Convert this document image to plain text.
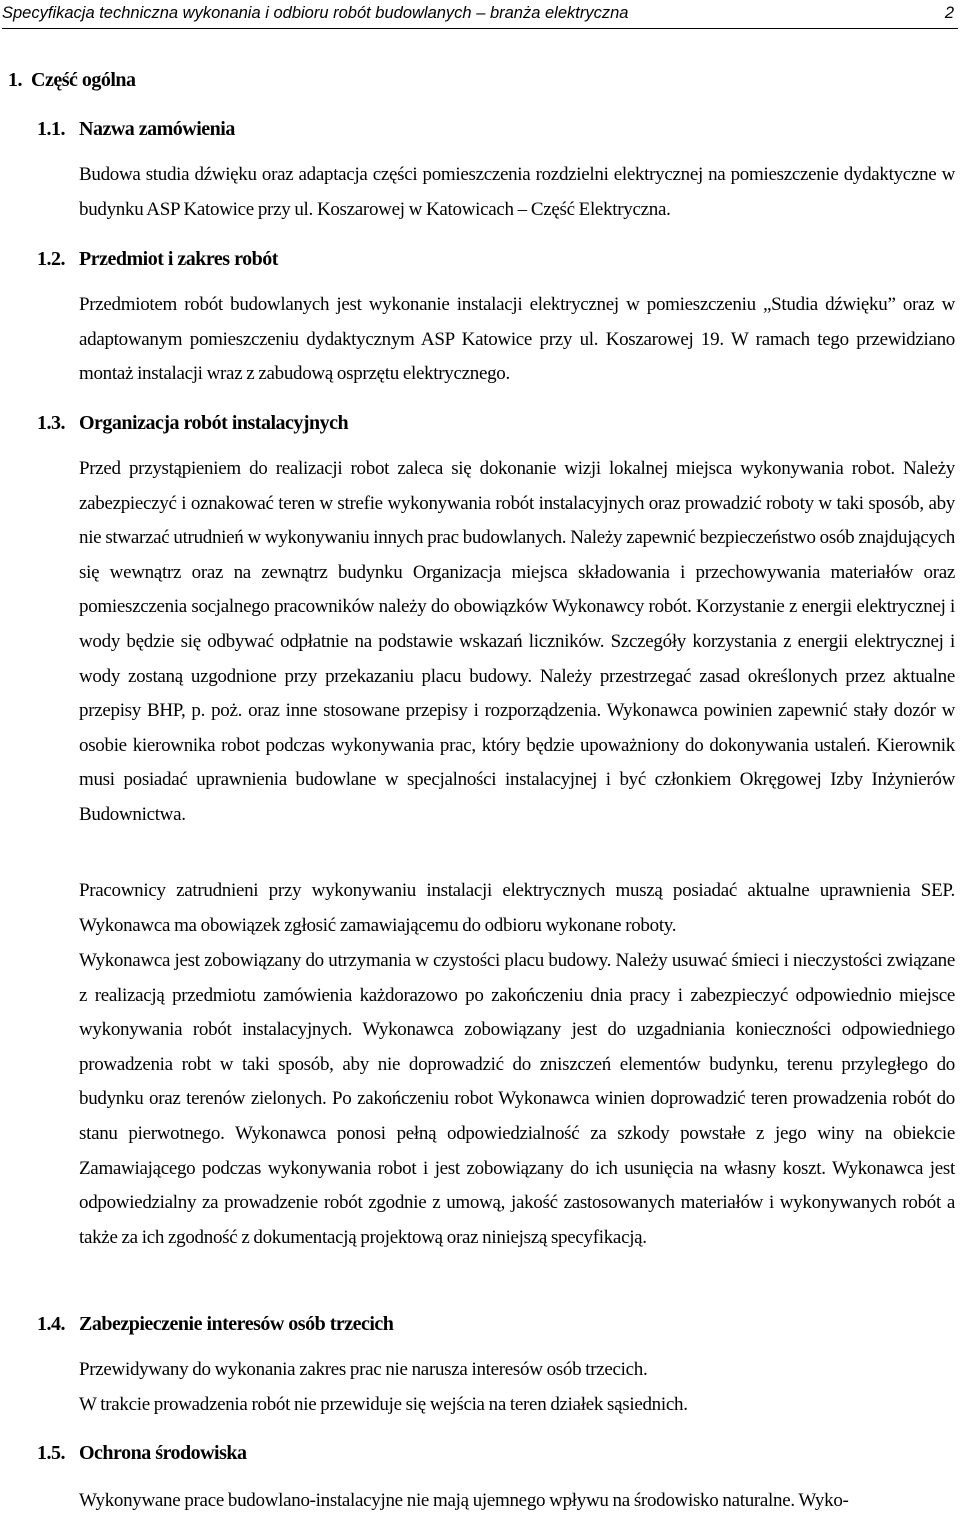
Specyfikacja techniczna wykonania i odbioru robót budowlanych – branża elektryczna	2
1. Część ogólna
1.1. Nazwa zamówienia
Budowa studia dźwięku oraz adaptacja części pomieszczenia rozdzielni elektrycznej na pomieszczenie dydaktyczne w budynku ASP Katowice przy ul. Koszarowej w Katowicach – Część Elektryczna.
1.2. Przedmiot i zakres robót
Przedmiotem robót budowlanych jest wykonanie instalacji elektrycznej w pomieszczeniu „Studia dźwięku” oraz w adaptowanym pomieszczeniu dydaktycznym ASP Katowice przy ul. Koszarowej 19. W ramach tego przewidziano montaż instalacji wraz z zabudową osprzętu elektrycznego.
1.3. Organizacja robót instalacyjnych
Przed przystąpieniem do realizacji robot zaleca się dokonanie wizji lokalnej miejsca wykonywania robot. Należy zabezpieczyć i oznakować teren w strefie wykonywania robót instalacyjnych oraz prowadzić roboty w taki sposób, aby nie stwarzać utrudnień w wykonywaniu innych prac budowlanych. Należy zapewnić bezpieczeństwo osób znajdujących się wewnątrz oraz na zewnątrz budynku Organizacja miejsca składowania i przechowywania materiałów oraz pomieszczenia socjalnego pracowników należy do obowiązków Wykonawcy robót. Korzystanie z energii elektrycznej i wody będzie się odbywać odpłatnie na podstawie wskazań liczników. Szczegóły korzystania z energii elektrycznej i wody zostaną uzgodnione przy przekazaniu placu budowy. Należy przestrzegać zasad określonych przez aktualne przepisy BHP, p. poż. oraz inne stosowane przepisy i rozporządzenia. Wykonawca powinien zapewnić stały dozór w osobie kierownika robot podczas wykonywania prac, który będzie upoważniony do dokonywania ustaleń. Kierownik musi posiadać uprawnienia budowlane w specjalności instalacyjnej i być członkiem Okręgowej Izby Inżynierów Budownictwa.
Pracownicy zatrudnieni przy wykonywaniu instalacji elektrycznych muszą posiadać aktualne uprawnienia SEP. Wykonawca ma obowiązek zgłosić zamawiającemu do odbioru wykonane roboty.
Wykonawca jest zobowiązany do utrzymania w czystości placu budowy. Należy usuwać śmieci i nieczystości związane z realizacją przedmiotu zamówienia każdorazowo po zakończeniu dnia pracy i zabezpieczyć odpowiednio miejsce wykonywania robót instalacyjnych. Wykonawca zobowiązany jest do uzgadniania konieczności odpowiedniego prowadzenia robt w taki sposób, aby nie doprowadzić do zniszczeń elementów budynku, terenu przyległego do budynku oraz terenów zielonych. Po zakończeniu robot Wykonawca winien doprowadzić teren prowadzenia robót do stanu pierwotnego. Wykonawca ponosi pełną odpowiedzialność za szkody powstałe z jego winy na obiekcie Zamawiającego podczas wykonywania robot i jest zobowiązany do ich usunięcia na własny koszt. Wykonawca jest odpowiedzialny za prowadzenie robót zgodnie z umową, jakość zastosowanych materiałów i wykonywanych robót a także za ich zgodność z dokumentacją projektową oraz niniejszą specyfikacją.
1.4. Zabezpieczenie interesów osób trzecich
Przewidywany do wykonania zakres prac nie narusza interesów osób trzecich.
W trakcie prowadzenia robót nie przewiduje się wejścia na teren działek sąsiednich.
1.5. Ochrona środowiska
Wykonywane prace budowlano-instalacyjne nie mają ujemnego wpływu na środowisko naturalne. Wyko-
